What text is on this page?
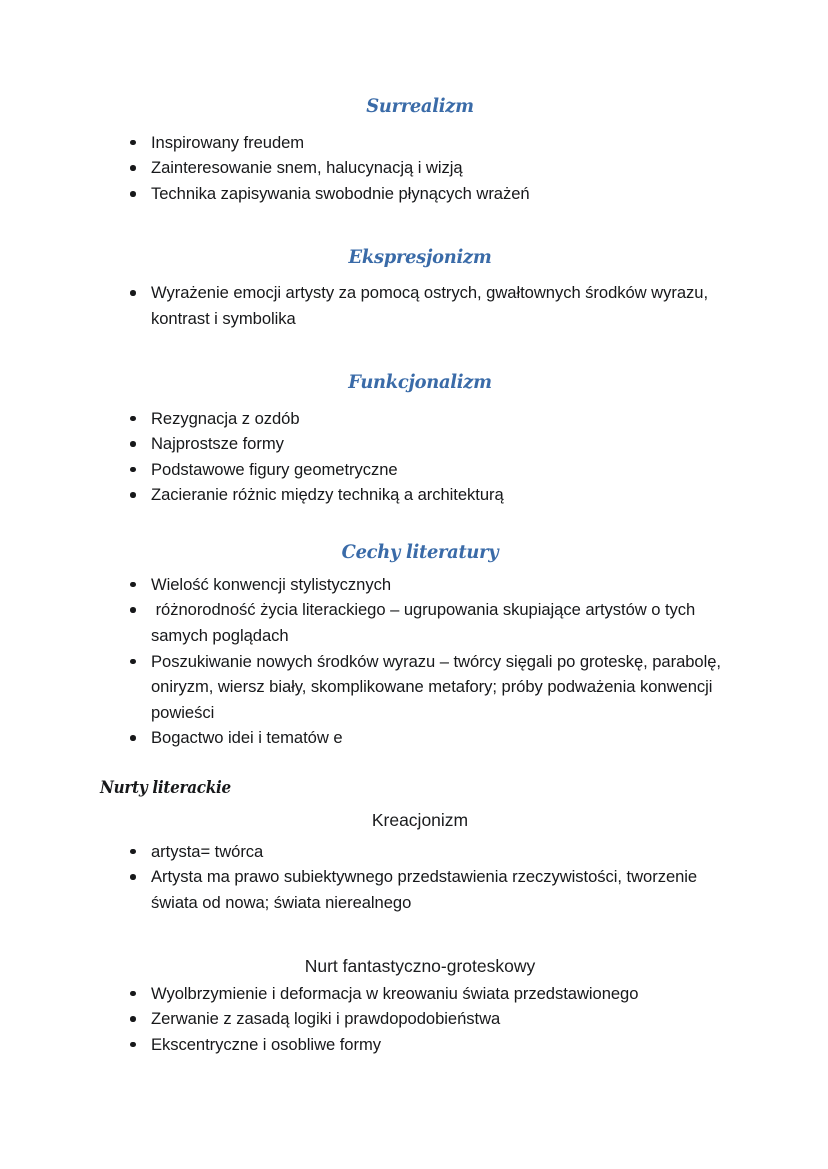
Surrealizm
Inspirowany freudem
Zainteresowanie snem, halucynacją i wizją
Technika zapisywania swobodnie płynących wrażeń
Ekspresjonizm
Wyrażenie emocji artysty za pomocą ostrych, gwałtownych środków wyrazu, kontrast i symbolika
Funkcjonalizm
Rezygnacja z ozdób
Najprostsze formy
Podstawowe figury geometryczne
Zacieranie różnic między techniką a architekturą
Cechy literatury
Wielość konwencji stylistycznych
różnorodność życia literackiego – ugrupowania skupiające artystów o tych samych poglądach
Poszukiwanie nowych środków wyrazu – twórcy sięgali po groteskę, parabolę, oniryzm, wiersz biały, skomplikowane metafory; próby podważenia konwencji powieści
Bogactwo idei i tematów e
Nurty literackie
Kreacjonizm
artysta= twórca
Artysta ma prawo subiektywnego przedstawienia rzeczywistości, tworzenie świata od nowa; świata nierealnego
Nurt fantastyczno-groteskowy
Wyolbrzymienie i deformacja w kreowaniu świata przedstawionego
Zerwanie z zasadą logiki i prawdopodobieństwa
Ekscentryczne i osobliwe formy
